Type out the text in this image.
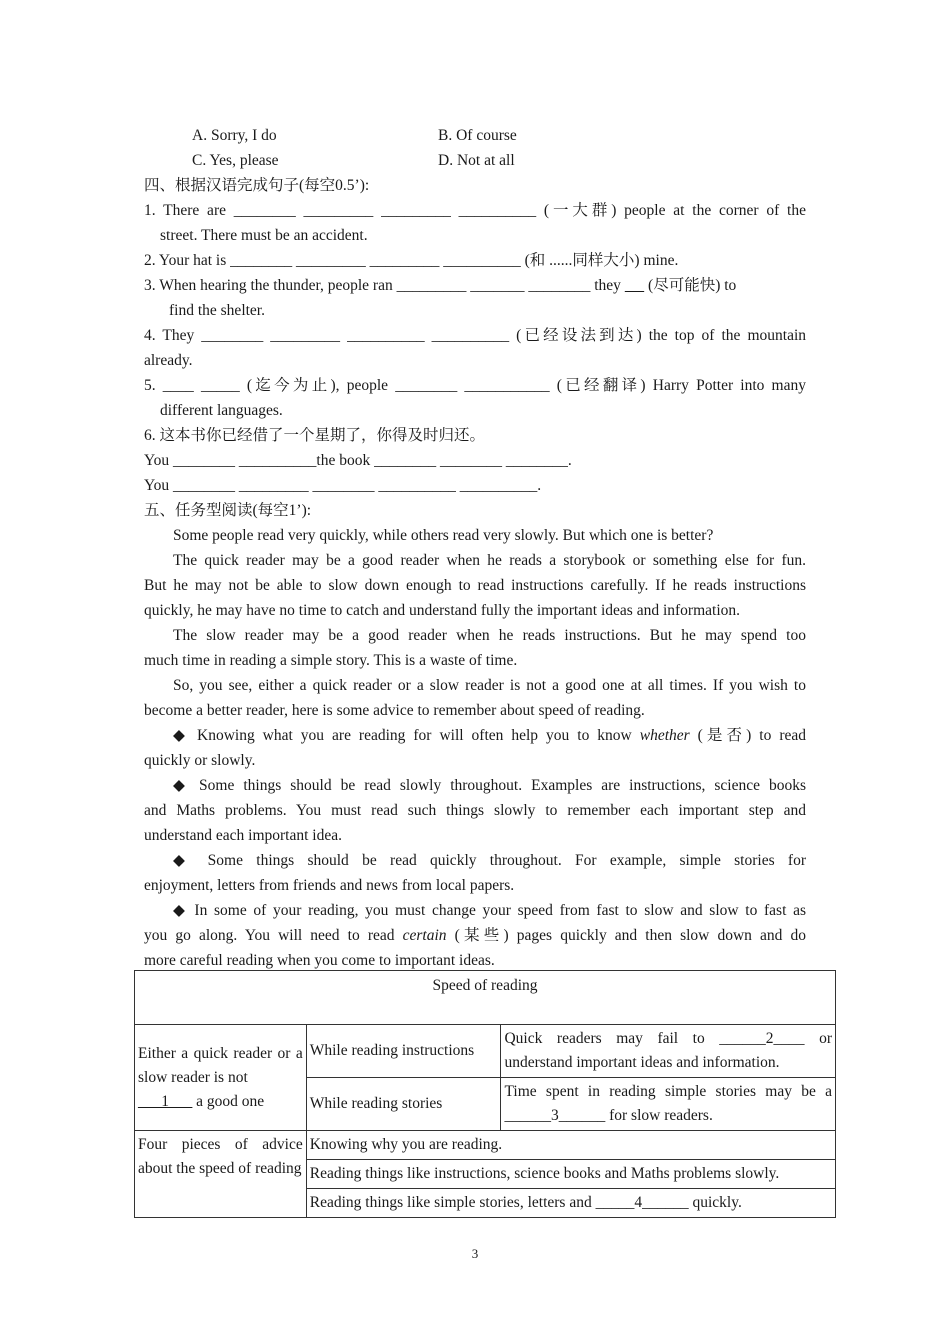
A. Sorry, I do	B. Of course
C. Yes, please	D. Not at all
四、根据汉语完成句子(每空0.5’):
1. There are ________ _________ _________ __________ (一大群) people at the corner of the
street. There must be an accident.
2. Your hat is ________ _________ _________ __________ (和 ......同样大小) mine.
3. When hearing the thunder, people ran _________ _______ ________ they       (尽可能快) to
find the shelter.
4. They ________ _________ __________ __________ (已经设法到达) the top of the mountain
already.
5. ____ _____ (迄今为止), people ________ ___________ (已经翻译) Harry Potter into many
different languages.
6. 这本书你已经借了一个星期了，你得及时归还。
You ________ __________the book ________ ________ ________.
You ________ _________ ________ __________ __________.
五、任务型阅读(每空1’):
Some people read very quickly, while others read very slowly. But which one is better?
The quick reader may be a good reader when he reads a storybook or something else for fun.
But he may not be able to slow down enough to read instructions carefully. If he reads instructions
quickly, he may have no time to catch and understand fully the important ideas and information.
The slow reader may be a good reader when he reads instructions. But he may spend too
much time in reading a simple story. This is a waste of time.
So, you see, either a quick reader or a slow reader is not a good one at all times. If you wish to
become a better reader, here is some advice to remember about speed of reading.
◆ Knowing what you are reading for will often help you to know whether (是否) to read
quickly or slowly.
◆ Some things should be read slowly throughout. Examples are instructions, science books
and Maths problems. You must read such things slowly to remember each important step and
understand each important idea.
◆ Some things should be read quickly throughout. For example, simple stories for
enjoyment, letters from friends and news from local papers.
◆ In some of your reading, you must change your speed from fast to slow and slow to fast as
you go along. You will need to read certain (某些) pages quickly and then slow down and do
more careful reading when you come to important ideas.
Speed of reading		
Either a quick reader or a slow reader is not
___1___ a good one	While reading instructions	Quick readers may fail to ______2____ or understand important ideas and information.
	While reading stories	Time spent in reading simple stories may be a ______3______ for slow readers.
Four pieces of advice about the speed of reading	Knowing why you are reading.	
	Reading things like instructions, science books and Maths problems slowly.	
	Reading things like simple stories, letters and _____4______ quickly.	
3
